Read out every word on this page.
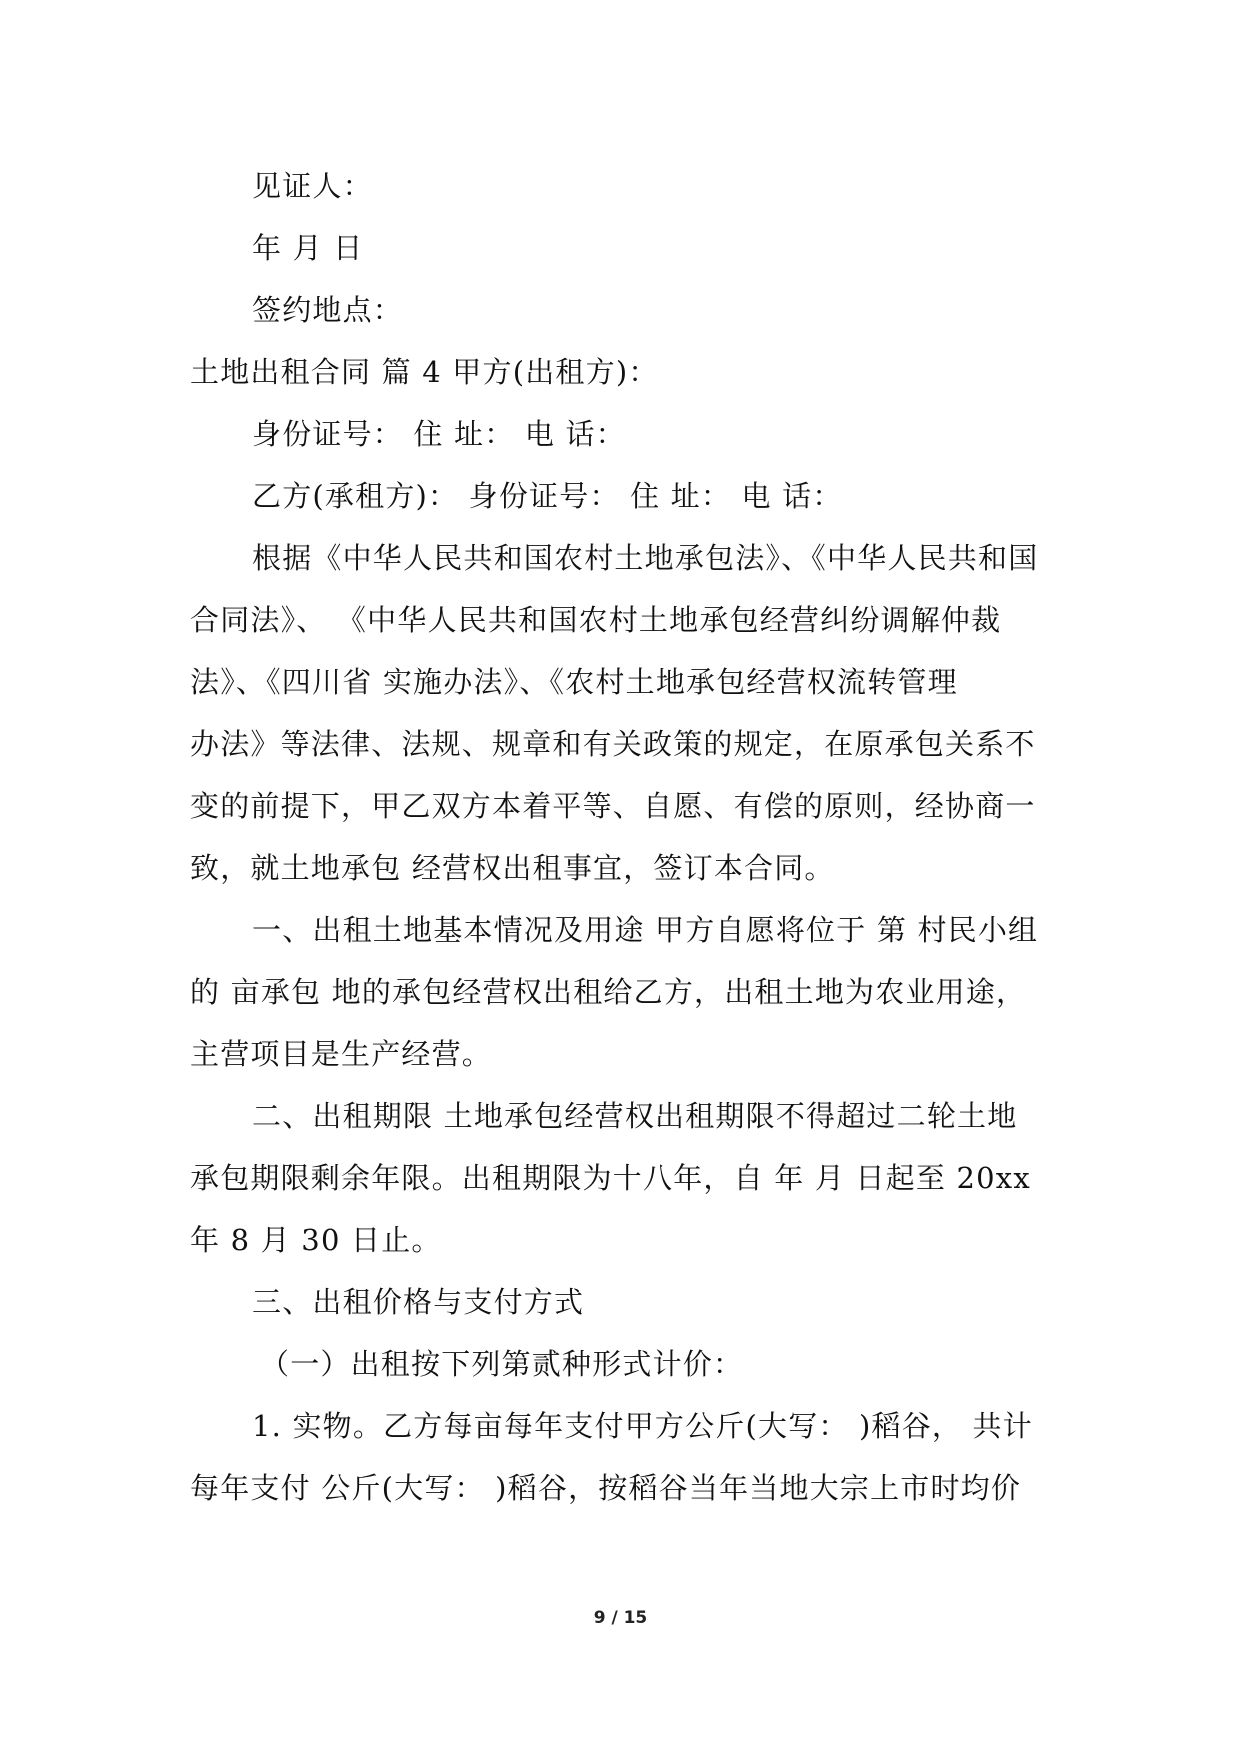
见证人：
年 月 日
签约地点：
土地出租合同 篇 4 甲方(出租方)：
身份证号： 住 址： 电 话：
乙方(承租方)： 身份证号： 住 址： 电 话：
根据《中华人民共和国农村土地承包法》、《中华人民共和国
合同法》、 《中华人民共和国农村土地承包经营纠纷调解仲裁
法》、《四川省 实施办法》、《农村土地承包经营权流转管理
办法》等法律、法规、规章和有关政策的规定，在原承包关系不
变的前提下，甲乙双方本着平等、自愿、有偿的原则，经协商一
致，就土地承包 经营权出租事宜，签订本合同。
一、出租土地基本情况及用途 甲方自愿将位于 第 村民小组
的 亩承包 地的承包经营权出租给乙方，出租土地为农业用途，
主营项目是生产经营。
二、出租期限 土地承包经营权出租期限不得超过二轮土地
承包期限剩余年限。出租期限为十八年，自 年 月 日起至 20xx
年 8 月 30 日止。
三、出租价格与支付方式
（一）出租按下列第贰种形式计价：
1. 实物。乙方每亩每年支付甲方公斤(大写： )稻谷， 共计
每年支付 公斤(大写： )稻谷，按稻谷当年当地大宗上市时均价
9 / 15
